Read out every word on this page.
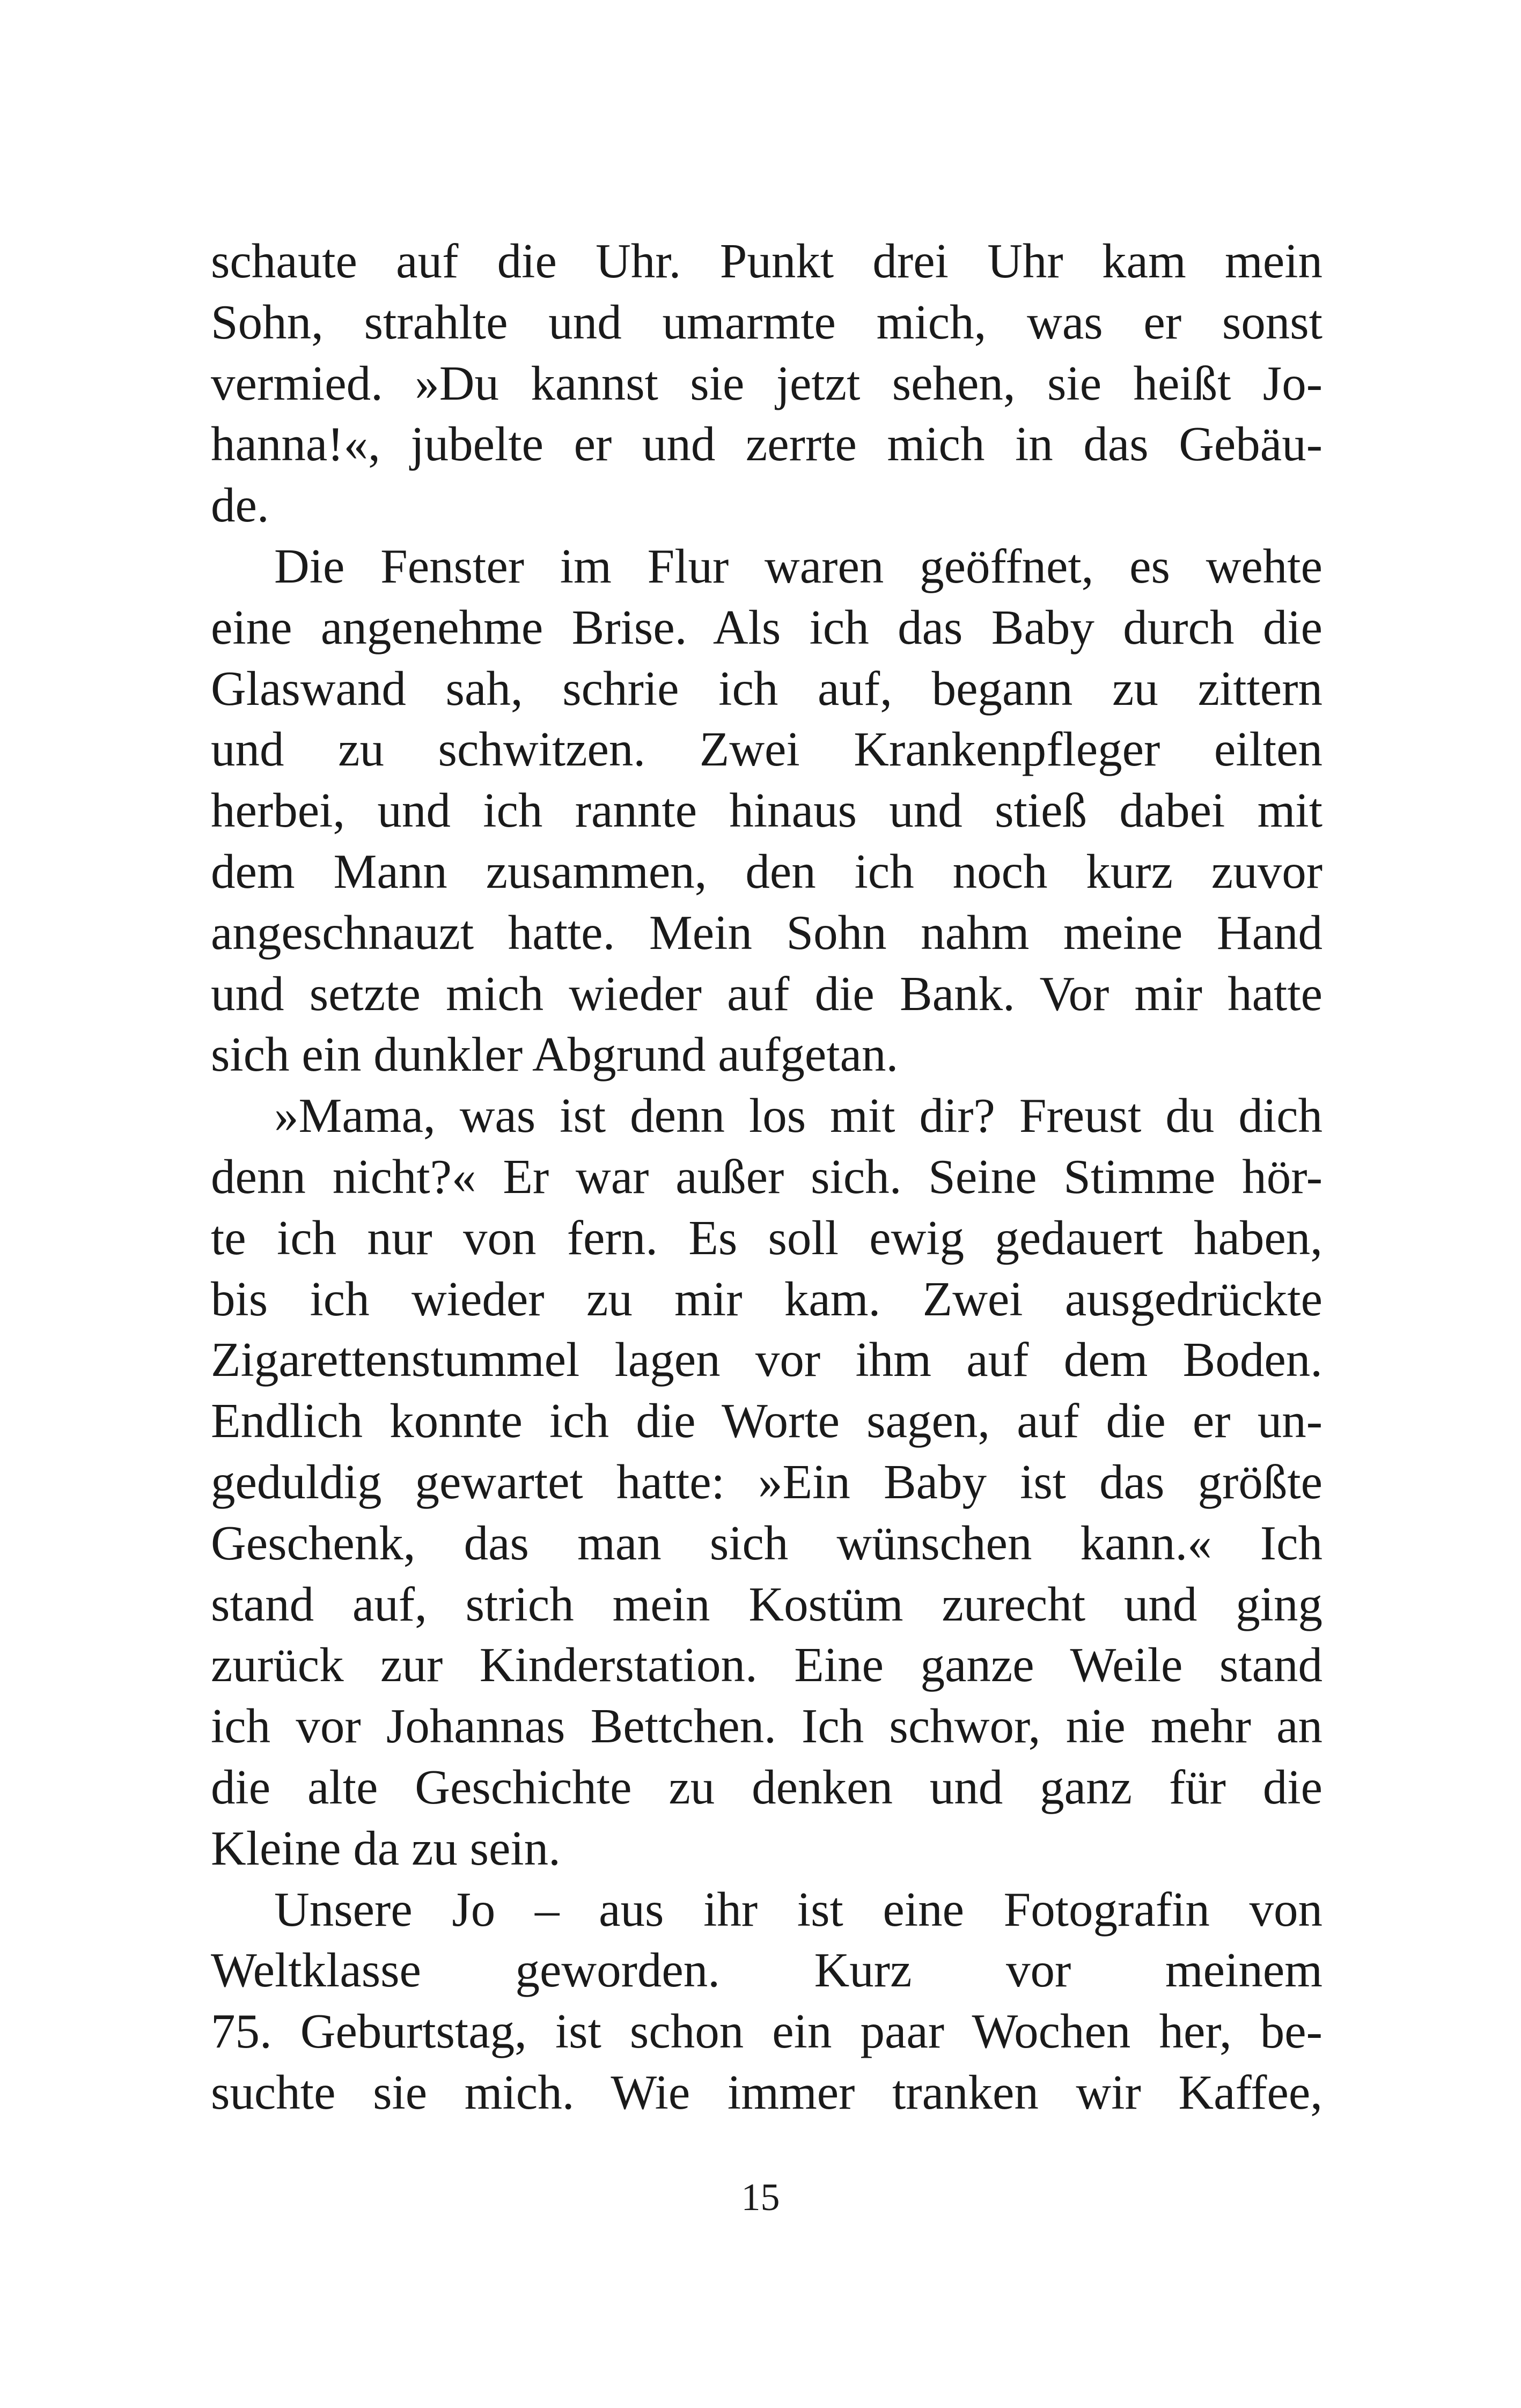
schaute auf die Uhr. Punkt drei Uhr kam mein
Sohn, strahlte und umarmte mich, was er sonst
vermied. »Du kannst sie jetzt sehen, sie heißt Jo-
hanna!«, jubelte er und zerrte mich in das Gebäu-
de.
Die Fenster im Flur waren geöffnet, es wehte
eine angenehme Brise. Als ich das Baby durch die
Glaswand sah, schrie ich auf, begann zu zittern
und zu schwitzen. Zwei Krankenpfleger eilten
herbei, und ich rannte hinaus und stieß dabei mit
dem Mann zusammen, den ich noch kurz zuvor
angeschnauzt hatte. Mein Sohn nahm meine Hand
und setzte mich wieder auf die Bank. Vor mir hatte
sich ein dunkler Abgrund aufgetan.
»Mama, was ist denn los mit dir? Freust du dich
denn nicht?« Er war außer sich. Seine Stimme hör-
te ich nur von fern. Es soll ewig gedauert haben,
bis ich wieder zu mir kam. Zwei ausgedrückte
Zigarettenstummel lagen vor ihm auf dem Boden.
Endlich konnte ich die Worte sagen, auf die er un-
geduldig gewartet hatte: »Ein Baby ist das größte
Geschenk, das man sich wünschen kann.« Ich
stand auf, strich mein Kostüm zurecht und ging
zurück zur Kinderstation. Eine ganze Weile stand
ich vor Johannas Bettchen. Ich schwor, nie mehr an
die alte Geschichte zu denken und ganz für die
Kleine da zu sein.
Unsere Jo – aus ihr ist eine Fotografin von
Weltklasse geworden. Kurz vor meinem
75. Geburtstag, ist schon ein paar Wochen her, be-
suchte sie mich. Wie immer tranken wir Kaffee,
15
